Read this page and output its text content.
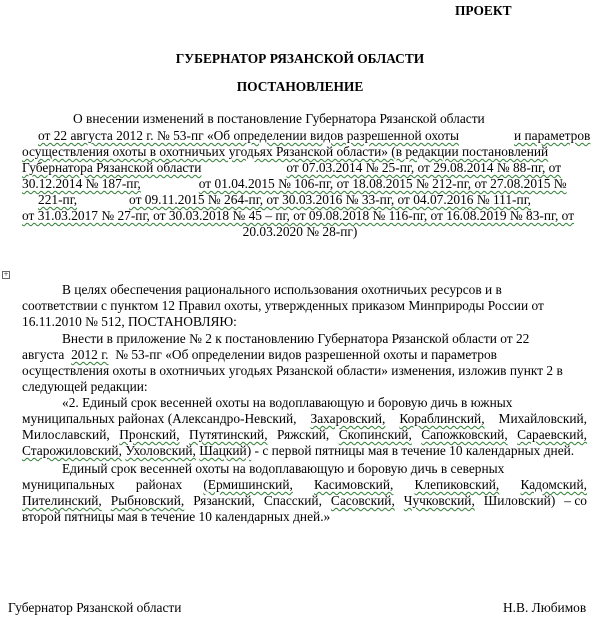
ПРОЕКТ
ГУБЕРНАТОР РЯЗАНСКОЙ ОБЛАСТИ
ПОСТАНОВЛЕНИЕ
О внесении изменений в постановление Губернатора Рязанской области
от 22 августа 2012 г. № 53-пг «Об определении видов разрешенной охоты	и параметров
осуществления охоты в охотничьих угодьях Рязанской области» (в редакции постановлений
Губернатора Рязанской области	от 07.03.2014 № 25-пг, от 29.08.2014 № 88-пг, от
30.12.2014 № 187-пг,	от 01.04.2015 № 106-пг, от 18.08.2015 № 212-пг, от 27.08.2015 №
221-пг,	от 09.11.2015 № 264-пг, от 30.03.2016 № 33-пг, от 04.07.2016 № 111-пг,
от 31.03.2017 № 27-пг, от 30.03.2018 № 45 – пг, от 09.08.2018 № 116-пг, от 16.08.2019 № 83-пг, от
20.03.2020 № 28-пг)
+
В целях обеспечения рационального использования охотничьих ресурсов и в
соответствии с пунктом 12 Правил охоты, утвержденных приказом Минприроды России от
16.11.2010 № 512, ПОСТАНОВЛЯЮ:
Внести в приложение № 2 к постановлению Губернатора Рязанской области от 22
августа 2012 г. № 53-пг «Об определении видов разрешенной охоты и параметров
осуществления охоты в охотничьих угодьях Рязанской области» изменения, изложив пункт 2 в
следующей редакции:
«2. Единый срок весенней охоты на водоплавающую и боровую дичь в южных
муниципальных районах (Александро-Невский, Захаровский, Кораблинский, Михайловский,
Милославский, Пронский, Путятинский, Ряжский, Скопинский, Сапожковский, Сараевский,
Старожиловский, Ухоловский, Шацкий) - с первой пятницы мая в течение 10 календарных дней.
Единый срок весенней охоты на водоплавающую и боровую дичь в северных
муниципальных районах (Ермишинский, Касимовский, Клепиковский, Кадомский,
Пителинский, Рыбновский, Рязанский, Спасский, Сасовский, Чучковский, Шиловский) – со
второй пятницы мая в течение 10 календарных дней.»
Губернатор Рязанской области	Н.В. Любимов
